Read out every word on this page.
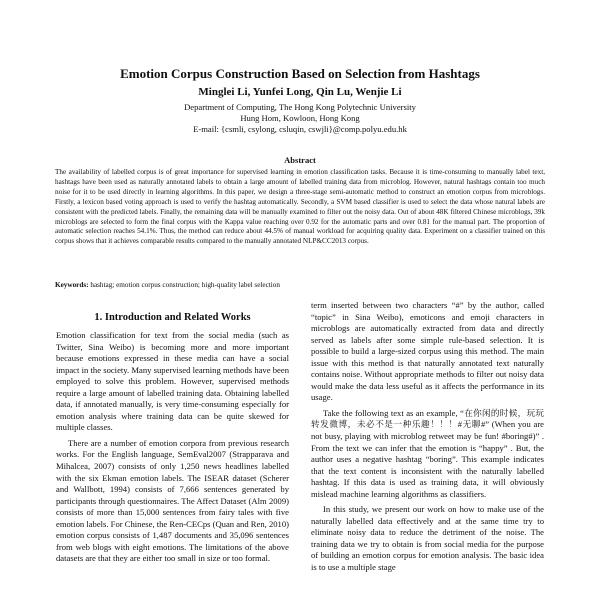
Emotion Corpus Construction Based on Selection from Hashtags
Minglei Li, Yunfei Long, Qin Lu, Wenjie Li
Department of Computing, The Hong Kong Polytechnic University
Hung Hom, Kowloon, Hong Kong
E-mail: {csmli, csylong, csluqin, cswjli}@comp.polyu.edu.hk
Abstract
The availability of labelled corpus is of great importance for supervised learning in emotion classification tasks. Because it is time-consuming to manually label text, hashtags have been used as naturally annotated labels to obtain a large amount of labelled training data from microblog. However, natural hashtags contain too much noise for it to be used directly in learning algorithms. In this paper, we design a three-stage semi-automatic method to construct an emotion corpus from microblogs. Firstly, a lexicon based voting approach is used to verify the hashtag automatically. Secondly, a SVM based classifier is used to select the data whose natural labels are consistent with the predicted labels. Finally, the remaining data will be manually examined to filter out the noisy data. Out of about 48K filtered Chinese microblogs, 39k microblogs are selected to form the final corpus with the Kappa value reaching over 0.92 for the automatic parts and over 0.81 for the manual part. The proportion of automatic selection reaches 54.1%. Thus, the method can reduce about 44.5% of manual workload for acquiring quality data. Experiment on a classifier trained on this corpus shows that it achieves comparable results compared to the manually annotated NLP&CC2013 corpus.
Keywords: hashtag; emotion corpus construction; high-quality label selection
1. Introduction and Related Works

Emotion classification for text from the social media (such as Twitter, Sina Weibo) is becoming more and more important because emotions expressed in these media can have a social impact in the society. Many supervised learning methods have been employed to solve this problem. However, supervised methods require a large amount of labelled training data. Obtaining labelled data, if annotated manually, is very time-consuming especially for emotion analysis where training data can be quite skewed for multiple classes.

There are a number of emotion corpora from previous research works. For the English language, SemEval2007 (Strapparava and Mihalcea, 2007) consists of only 1,250 news headlines labelled with the six Ekman emotion labels. The ISEAR dataset (Scherer and Wallbott, 1994) consists of 7,666 sentences generated by participants through questionnaires. The Affect Dataset (Alm 2009) consists of more than 15,000 sentences from fairy tales with five emotion labels. For Chinese, the Ren-CECps (Quan and Ren, 2010) emotion corpus consists of 1,487 documents and 35,096 sentences from web blogs with eight emotions. The limitations of the above datasets are that they are either too small in size or too formal.

term inserted between two characters “#” by the author, called “topic” in Sina Weibo), emoticons and emoji characters in microblogs are automatically extracted from data and directly served as labels after some simple rule-based selection. It is possible to build a large-sized corpus using this method. The main issue with this method is that naturally annotated text naturally contains noise. Without appropriate methods to filter out noisy data would make the data less useful as it affects the performance in its usage.

Take the following text as an example, “在你闲的时候，玩玩转发微博，未必不是一种乐趣！！！#无聊#” (When you are not busy, playing with microblog retweet may be fun! #boring#)” . From the text we can infer that the emotion is “happy” . But, the author uses a negative hashtag “boring”. This example indicates that the text content is inconsistent with the naturally labelled hashtag. If this data is used as training data, it will obviously mislead machine learning algorithms as classifiers.

In this study, we present our work on how to make use of the naturally labelled data effectively and at the same time try to eliminate noisy data to reduce the detriment of the noise. The training data we try to obtain is from social media for the purpose of building an emotion corpus for emotion analysis. The basic idea is to use a multiple stage
